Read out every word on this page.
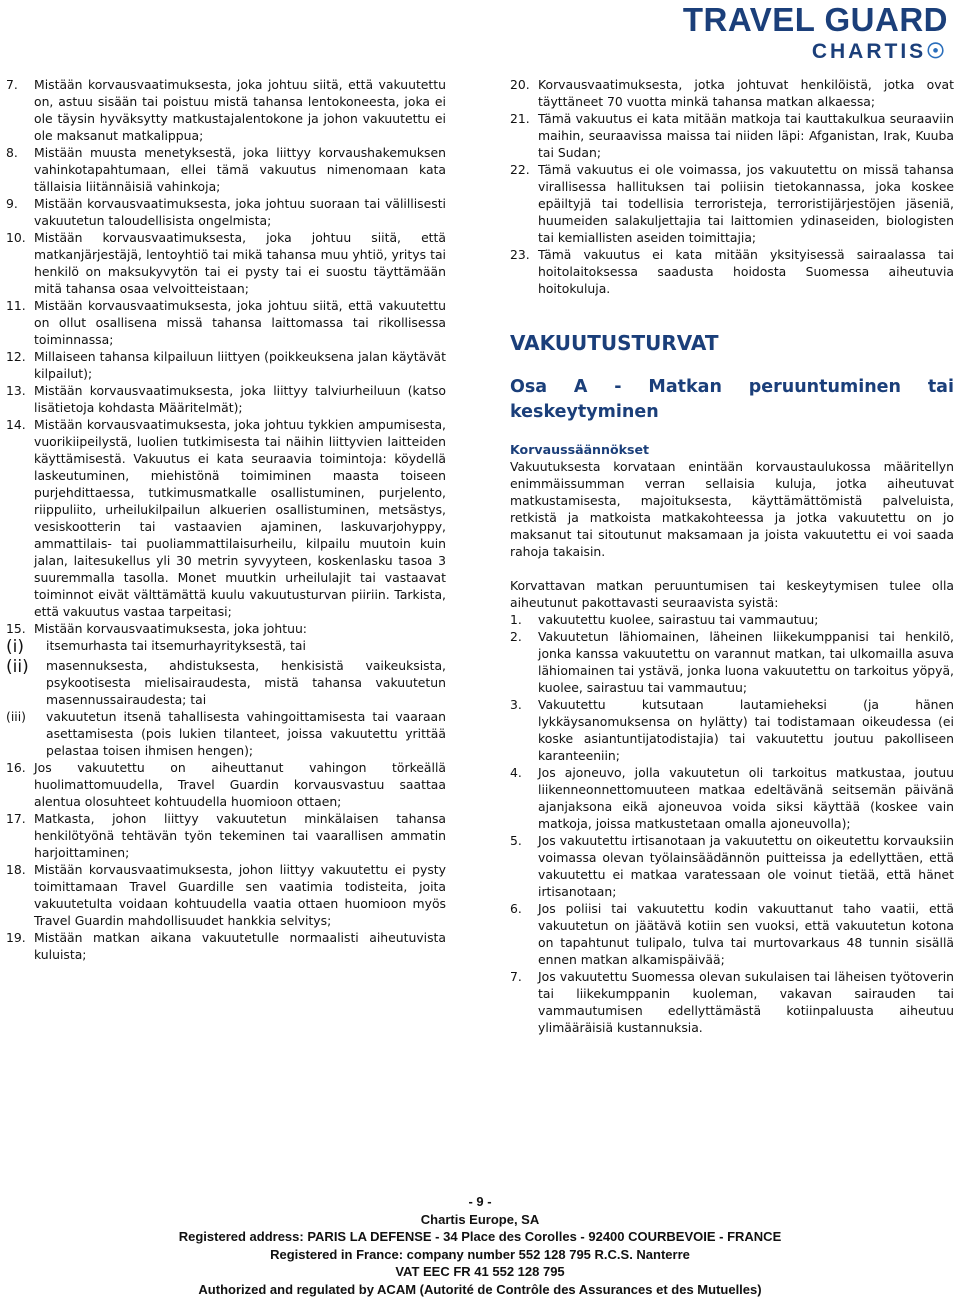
TRAVEL GUARD
CHARTIS☉
7.	Mistään korvausvaatimuksesta, joka johtuu siitä, että vakuutettu on, astuu sisään tai poistuu mistä tahansa lentokoneesta, joka ei ole täysin hyväksytty matkustajalentokone ja johon vakuutettu ei ole maksanut matkalippua;
8.	Mistään muusta menetyksestä, joka liittyy korvaushakemuksen vahinkotapahtumaan, ellei tämä vakuutus nimenomaan kata tällaisia liitännäisiä vahinkoja;
9.	Mistään korvausvaatimuksesta, joka johtuu suoraan tai välillisesti vakuutetun taloudellisista ongelmista;
10. Mistään korvausvaatimuksesta, joka johtuu siitä, että matkanjärjestäjä, lentoyhtiö tai mikä tahansa muu yhtiö, yritys tai henkilö on maksukyvytön tai ei pysty tai ei suostu täyttämään mitä tahansa osaa velvoitteistaan;
11. Mistään korvausvaatimuksesta, joka johtuu siitä, että vakuutettu on ollut osallisena missä tahansa laittomassa tai rikollisessa toiminnassa;
12. Millaiseen tahansa kilpailuun liittyen (poikkeuksena jalan käytävät kilpailut);
13. Mistään korvausvaatimuksesta, joka liittyy talviurheiluun (katso lisätietoja kohdasta Määritelmät);
14. Mistään korvausvaatimuksesta, joka johtuu tykkien ampumisesta, vuorikiipeilystä, luolien tutkimisesta tai näihin liittyvien laitteiden käyttämisestä. Vakuutus ei kata seuraavia toimintoja: köydellä laskeutuminen, miehistönä toimiminen maasta toiseen purjehdittaessa, tutkimusmatkalle osallistuminen, purjelento, riippuliito, urheilukilpailun alkuerien osallistuminen, metsästys, vesiskootterin tai vastaavien ajaminen, laskuvarjohyppy, ammattilais- tai puoliammattilaisurheilu, kilpailu muutoin kuin jalan, laitesukellus yli 30 metrin syvyyteen, koskenlasku tasoa 3 suuremmalla tasolla. Monet muutkin urheilulajit tai vastaavat toiminnot eivät välttämättä kuulu vakuutusturvan piiriin. Tarkista, että vakuutus vastaa tarpeitasi;
15. Mistään korvausvaatimuksesta, joka johtuu:
(i)	itsemurhasta tai itsemurhayrityksestä, tai
(ii)	masennuksesta, ahdistuksesta, henkisistä vaikeuksista, psykootisesta mielisairaudesta, mistä tahansa vakuutetun masennussairaudesta; tai
(iii)	vakuutetun itsenä tahallisesta vahingoittamisesta tai vaaraan asettamisesta (pois lukien tilanteet, joissa vakuutettu yrittää pelastaa toisen ihmisen hengen);
16. Jos vakuutettu on aiheuttanut vahingon törkeällä huolimattomuudella, Travel Guardin korvausvastuu saattaa alentua olosuhteet kohtuudella huomioon ottaen;
17. Matkasta, johon liittyy vakuutetun minkälaisen tahansa henkilötyönä tehtävän työn tekeminen tai vaarallisen ammatin harjoittaminen;
18. Mistään korvausvaatimuksesta, johon liittyy vakuutettu ei pysty toimittamaan Travel Guardille sen vaatimia todisteita, joita vakuutetulta voidaan kohtuudella vaatia ottaen huomioon myös Travel Guardin mahdollisuudet hankkia selvitys;
19. Mistään matkan aikana vakuutetulle normaalisti aiheutuvista kuluista;
20. Korvausvaatimuksesta, jotka johtuvat henkilöistä, jotka ovat täyttäneet 70 vuotta minkä tahansa matkan alkaessa;
21. Tämä vakuutus ei kata mitään matkoja tai kauttakulkua seuraaviin maihin, seuraavissa maissa tai niiden läpi: Afganistan, Irak, Kuuba tai Sudan;
22. Tämä vakuutus ei ole voimassa, jos vakuutettu on missä tahansa virallisessa hallituksen tai poliisin tietokannassa, joka koskee epäiltyjä tai todellisia terroristeja, terroristijärjestöjen jäseniä, huumeiden salakuljettajia tai laittomien ydinaseiden, biologisten tai kemiallisten aseiden toimittajia;
23. Tämä vakuutus ei kata mitään yksityisessä sairaalassa tai hoitolaitoksessa saadusta hoidosta Suomessa aiheutuvia hoitokuluja.
VAKUUTUSTURVAT
Osa A - Matkan peruuntuminen tai keskeytyminen
Korvaussäännökset

Vakuutuksesta korvataan enintään korvaustaulukossa määritellyn enimmäissumman verran sellaisia kuluja, jotka aiheutuvat matkustamisesta, majoituksesta, käyttämättömistä palveluista, retkistä ja matkoista matkakohteessa ja jotka vakuutettu on jo maksanut tai sitoutunut maksamaan ja joista vakuutettu ei voi saada rahoja takaisin.

Korvattavan matkan peruuntumisen tai keskeytymisen tulee olla aiheutunut pakottavasti seuraavista syistä:

1.	vakuutettu kuolee, sairastuu tai vammautuu;
2.	Vakuutetun lähiomainen, läheinen liikekumppanisi tai henkilö, jonka kanssa vakuutettu on varannut matkan, tai ulkomailla asuva lähiomainen tai ystävä, jonka luona vakuutettu on tarkoitus yöpyä, kuolee, sairastuu tai vammautuu;
3.	Vakuutettu kutsutaan lautamieheksi (ja hänen lykkäysanomuksensa on hylätty) tai todistamaan oikeudessa (ei koske asiantuntijatodistajia) tai vakuutettu joutuu pakolliseen karanteeniin;
4.	Jos ajoneuvo, jolla vakuutetun oli tarkoitus matkustaa, joutuu liikenneonnettomuuteen matkaa edeltävänä seitsemän päivänä ajanjaksona eikä ajoneuvoa voida siksi käyttää (koskee vain matkoja, joissa matkustetaan omalla ajoneuvolla);
5.	Jos vakuutettu irtisanotaan ja vakuutettu on oikeutettu korvauksiin voimassa olevan työlainsäädännön puitteissa ja edellyttäen, että vakuutettu ei matkaa varatessaan ole voinut tietää, että hänet irtisanotaan;
6.	Jos poliisi tai vakuutettu kodin vakuuttanut taho vaatii, että vakuutetun on jäätävä kotiin sen vuoksi, että vakuutetun kotona on tapahtunut tulipalo, tulva tai murtovarkaus 48 tunnin sisällä ennen matkan alkamispäivää;
7.	Jos vakuutettu Suomessa olevan sukulaisen tai läheisen työtoverin tai liikekumppanin kuoleman, vakavan sairauden tai vammautumisen edellyttämästä kotiinpaluusta aiheutuu ylimääräisiä kustannuksia.
- 9 -
Chartis Europe, SA
Registered address: PARIS LA DEFENSE - 34 Place des Corolles - 92400 COURBEVOIE - FRANCE
Registered in France: company number 552 128 795 R.C.S. Nanterre
VAT EEC FR 41 552 128 795
Authorized and regulated by ACAM (Autorité de Contrôle des Assurances et des Mutuelles)
